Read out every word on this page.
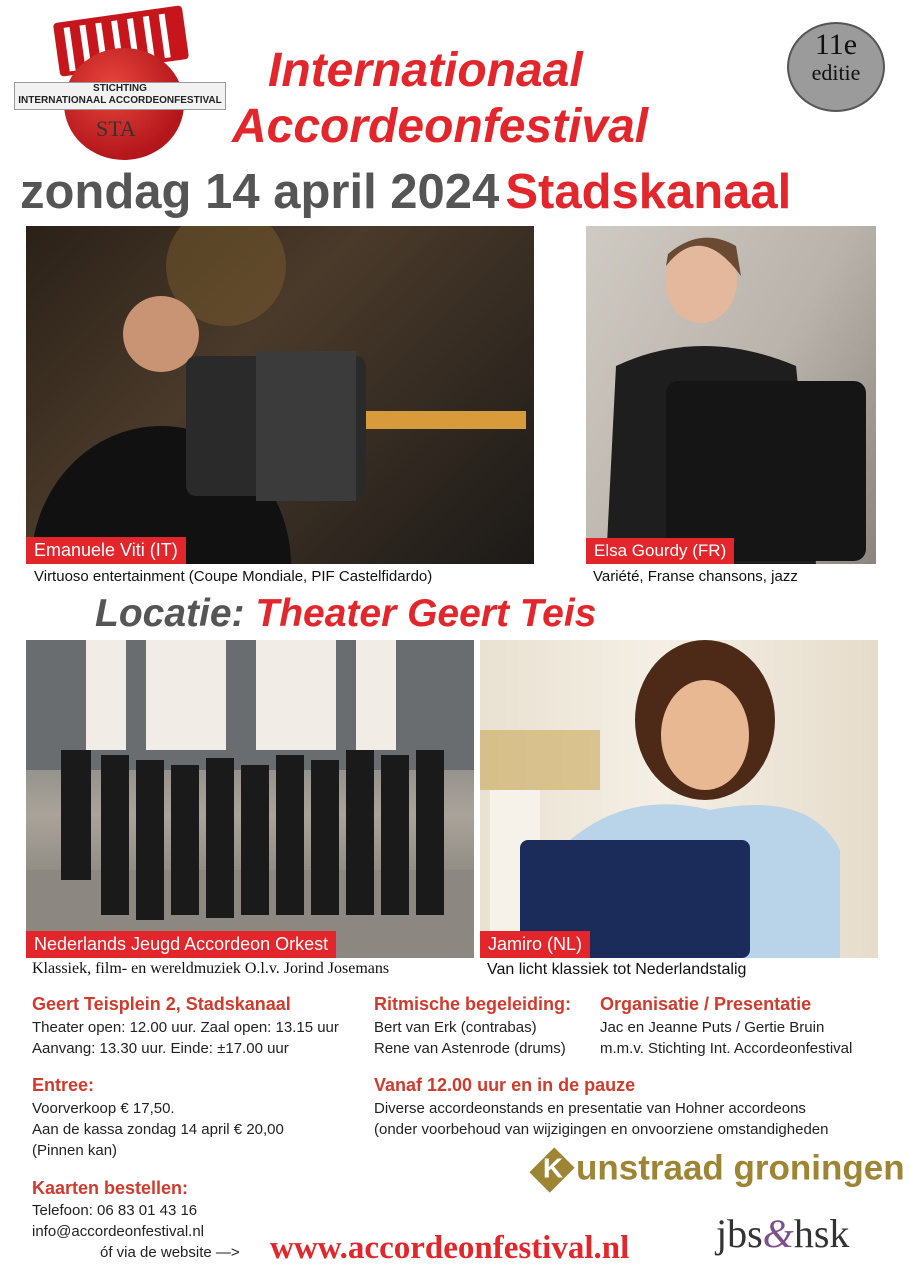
STICHTING
INTERNATIONAAL ACCORDEONFESTIVAL
STA
Internationaal
Accordeonfestival
11e
editie
zondag 14 april 2024 Stadskanaal
Emanuele Viti (IT)
Virtuoso entertainment (Coupe Mondiale, PIF Castelfidardo)
Elsa Gourdy (FR)
Variété, Franse chansons, jazz
Locatie: Theater Geert Teis
Nederlands Jeugd Accordeon Orkest
Klassiek, film- en wereldmuziek O.l.v. Jorind Josemans
Jamiro (NL)
Van licht klassiek tot Nederlandstalig
Geert Teisplein 2, Stadskanaal
Theater open: 12.00 uur. Zaal open: 13.15 uur
Aanvang: 13.30 uur. Einde: ±17.00 uur
Ritmische begeleiding:
Bert van Erk (contrabas)
Rene van Astenrode (drums)
Organisatie / Presentatie
Jac en Jeanne Puts / Gertie Bruin
m.m.v. Stichting Int. Accordeonfestival
Entree:
Voorverkoop € 17,50.
Aan de kassa zondag 14 april € 20,00
(Pinnen kan)
Vanaf 12.00 uur en in de pauze
Diverse accordeonstands en presentatie van Hohner accordeons
(onder voorbehoud van wijzigingen en onvoorziene omstandigheden
Kaarten bestellen:
Telefoon: 06 83 01 43 16
info@accordeonfestival.nl
óf via de website —> www.accordeonfestival.nl
K unstraad groningen
jbs&hsk
